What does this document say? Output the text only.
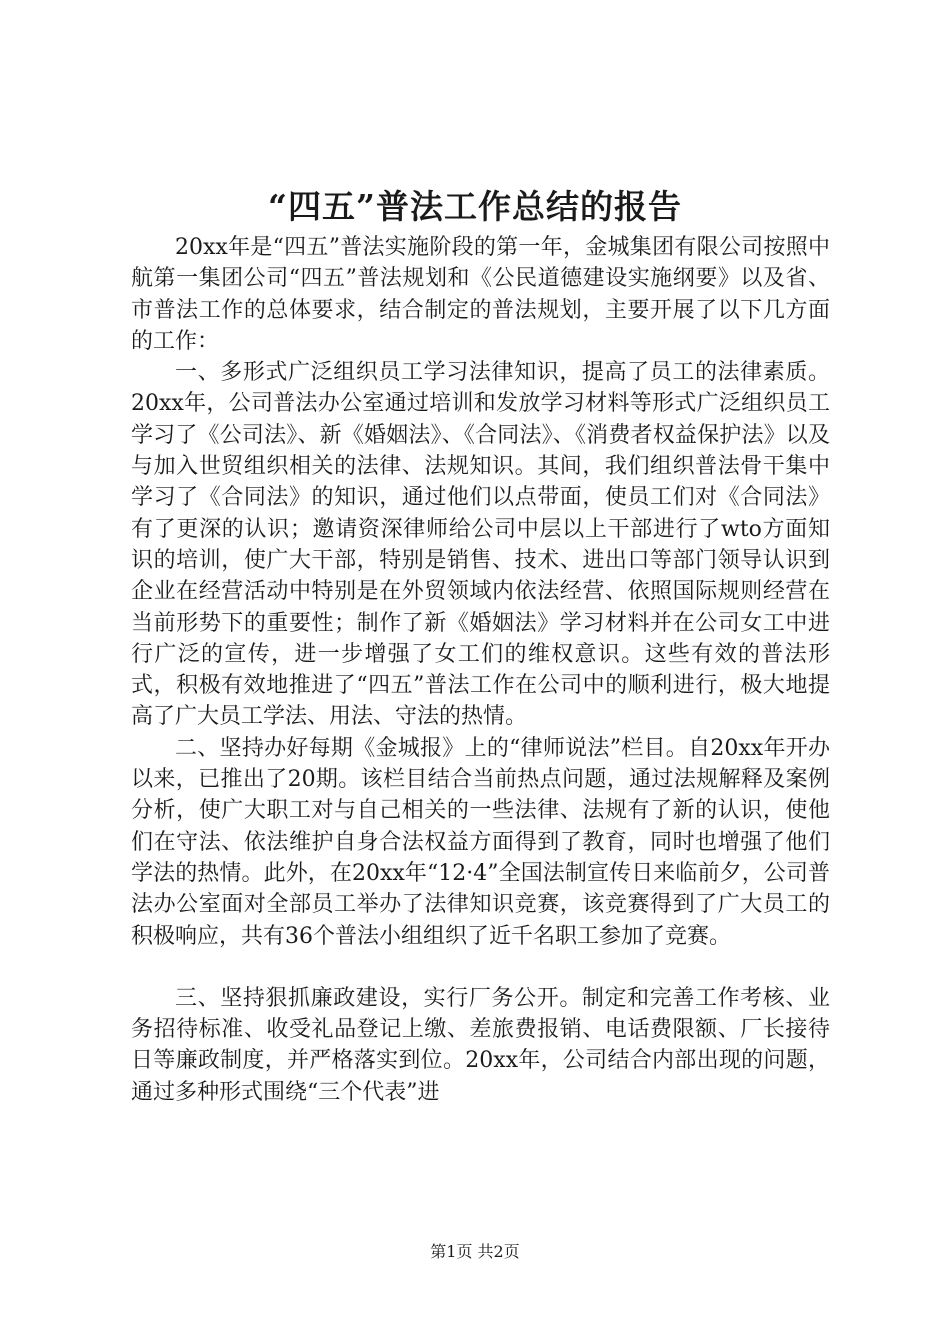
“四五”普法工作总结的报告

20xx年是“四五”普法实施阶段的第一年，金城集团有限公司按照中航第一集团公司“四五”普法规划和《公民道德建设实施纲要》以及省、市普法工作的总体要求，结合制定的普法规划，主要开展了以下几方面的工作：

一、多形式广泛组织员工学习法律知识，提高了员工的法律素质。20xx年，公司普法办公室通过培训和发放学习材料等形式广泛组织员工学习了《公司法》、新《婚姻法》、《合同法》、《消费者权益保护法》以及与加入世贸组织相关的法律、法规知识。其间，我们组织普法骨干集中学习了《合同法》的知识，通过他们以点带面，使员工们对《合同法》有了更深的认识；邀请资深律师给公司中层以上干部进行了wto方面知识的培训，使广大干部，特别是销售、技术、进出口等部门领导认识到企业在经营活动中特别是在外贸领域内依法经营、依照国际规则经营在当前形势下的重要性；制作了新《婚姻法》学习材料并在公司女工中进行广泛的宣传，进一步增强了女工们的维权意识。这些有效的普法形式，积极有效地推进了“四五”普法工作在公司中的顺利进行，极大地提高了广大员工学法、用法、守法的热情。

二、坚持办好每期《金城报》上的“律师说法”栏目。自20xx年开办以来，已推出了20期。该栏目结合当前热点问题，通过法规解释及案例分析，使广大职工对与自己相关的一些法律、法规有了新的认识，使他们在守法、依法维护自身合法权益方面得到了教育，同时也增强了他们学法的热情。此外，在20xx年“12·4”全国法制宣传日来临前夕，公司普法办公室面对全部员工举办了法律知识竞赛，该竞赛得到了广大员工的积极响应，共有36个普法小组组织了近千名职工参加了竞赛。

三、坚持狠抓廉政建设，实行厂务公开。制定和完善工作考核、业务招待标准、收受礼品登记上缴、差旅费报销、电话费限额、厂长接待日等廉政制度，并严格落实到位。20xx年，公司结合内部出现的问题，通过多种形式围绕“三个代表”进

第1页 共2页
